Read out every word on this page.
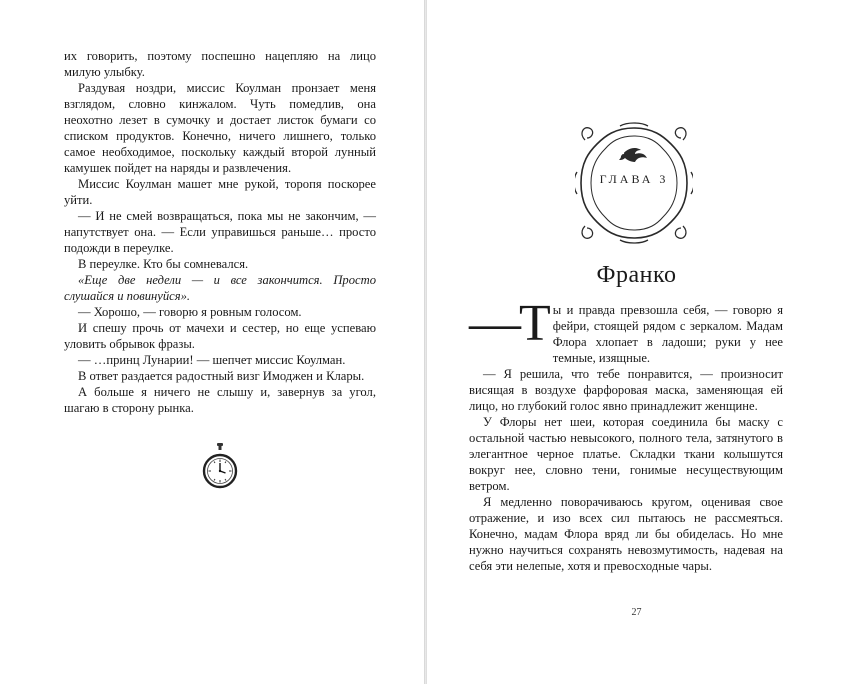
их говорить, поэтому поспешно нацепляю на лицо милую улыбку.

Раздувая ноздри, миссис Коулман пронзает меня взглядом, словно кинжалом. Чуть помедлив, она неохотно лезет в сумочку и достает листок бумаги со списком продуктов. Конечно, ничего лишнего, только самое необходимое, поскольку каждый второй лунный камушек пойдет на наряды и развлечения.

Миссис Коулман машет мне рукой, торопя поскорее уйти.

— И не смей возвращаться, пока мы не закончим, — напутствует она. — Если управишься раньше… просто подожди в переулке.

В переулке. Кто бы сомневался.

«Еще две недели — и все закончится. Просто слушайся и повинуйся».

— Хорошо, — говорю я ровным голосом.

И спешу прочь от мачехи и сестер, но еще успеваю уловить обрывок фразы.

— …принц Лунарии! — шепчет миссис Коулман.

В ответ раздается радостный визг Имоджен и Клары.

А больше я ничего не слышу и, завернув за угол, шагаю в сторону рынка.

ГЛАВА 3
Франко
—Т ы и правда превзошла себя, — говорю я фейри, стоящей рядом с зеркалом. Мадам Флора хлопает в ладоши; руки у нее темные, изящные.

— Я решила, что тебе понравится, — произносит висящая в воздухе фарфоровая маска, заменяющая ей лицо, но глубокий голос явно принадлежит женщине.

У Флоры нет шеи, которая соединила бы маску с остальной частью невысокого, полного тела, затянутого в элегантное черное платье. Складки ткани колышутся вокруг нее, словно тени, гонимые несуществующим ветром.

Я медленно поворачиваюсь кругом, оценивая свое отражение, и изо всех сил пытаюсь не рассмеяться. Конечно, мадам Флора вряд ли бы обиделась. Но мне нужно научиться сохранять невозмутимость, надевая на себя эти нелепые, хотя и превосходные чары.

27
